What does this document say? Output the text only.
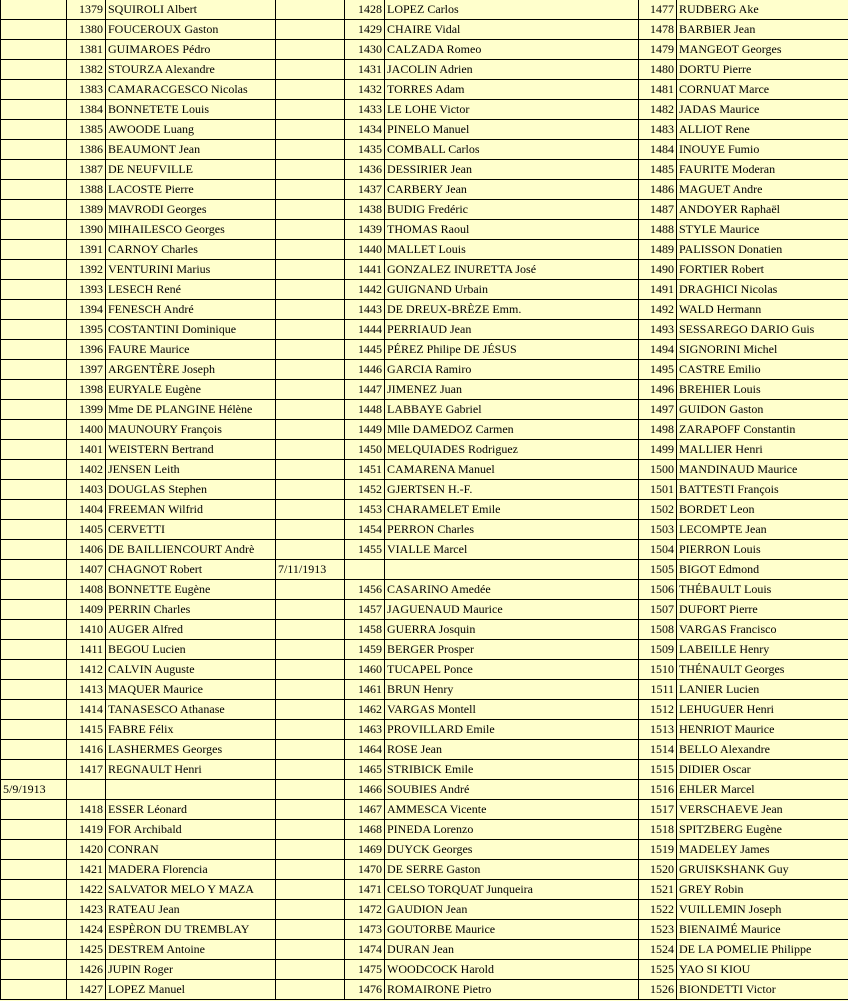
	1379	SQUIROLI Albert		1428	LOPEZ Carlos	1477	RUDBERG Ake
	1380	FOUCEROUX Gaston		1429	CHAIRE Vidal	1478	BARBIER Jean
	1381	GUIMAROES Pédro		1430	CALZADA Romeo	1479	MANGEOT Georges
	1382	STOURZA Alexandre		1431	JACOLIN Adrien	1480	DORTU Pierre
	1383	CAMARACGESCO Nicolas		1432	TORRES Adam	1481	CORNUAT Marce
	1384	BONNETETE Louis		1433	LE LOHE Victor	1482	JADAS Maurice
	1385	AWOODE Luang		1434	PINELO Manuel	1483	ALLIOT Rene
	1386	BEAUMONT Jean		1435	COMBALL Carlos	1484	INOUYE Fumio
	1387	DE NEUFVILLE		1436	DESSIRIER Jean	1485	FAURITE Moderan
	1388	LACOSTE Pierre		1437	CARBERY Jean	1486	MAGUET Andre
	1389	MAVRODI Georges		1438	BUDIG Fredéric	1487	ANDOYER Raphaël
	1390	MIHAILESCO Georges		1439	THOMAS Raoul	1488	STYLE Maurice
	1391	CARNOY Charles		1440	MALLET Louis	1489	PALISSON Donatien
	1392	VENTURINI Marius		1441	GONZALEZ INURETTA José	1490	FORTIER Robert
	1393	LESECH René		1442	GUIGNAND Urbain	1491	DRAGHICI Nicolas
	1394	FENESCH André		1443	DE DREUX-BRÈZE Emm.	1492	WALD Hermann
	1395	COSTANTINI Dominique		1444	PERRIAUD Jean	1493	SESSAREGO DARIO Guis
	1396	FAURE Maurice		1445	PÉREZ Philipe DE JÉSUS	1494	SIGNORINI Michel
	1397	ARGENTÈRE Joseph		1446	GARCIA Ramiro	1495	CASTRE Emilio
	1398	EURYALE Eugène		1447	JIMENEZ Juan	1496	BREHIER Louis
	1399	Mme DE PLANGINE Hélène		1448	LABBAYE Gabriel	1497	GUIDON Gaston
	1400	MAUNOURY François		1449	Mlle DAMEDOZ Carmen	1498	ZARAPOFF Constantin
	1401	WEISTERN Bertrand		1450	MELQUIADES Rodriguez	1499	MALLIER Henri
	1402	JENSEN Leith		1451	CAMARENA Manuel	1500	MANDINAUD Maurice
	1403	DOUGLAS Stephen		1452	GJERTSEN H.-F.	1501	BATTESTI François
	1404	FREEMAN Wilfrid		1453	CHARAMELET Emile	1502	BORDET Leon
	1405	CERVETTI		1454	PERRON Charles	1503	LECOMPTE Jean
	1406	DE BAILLIENCOURT Andrè		1455	VIALLE Marcel	1504	PIERRON Louis
	1407	CHAGNOT Robert	7/11/1913			1505	BIGOT Edmond
	1408	BONNETTE Eugène		1456	CASARINO Amedée	1506	THÉBAULT Louis
	1409	PERRIN Charles		1457	JAGUENAUD Maurice	1507	DUFORT Pierre
	1410	AUGER Alfred		1458	GUERRA Josquin	1508	VARGAS Francisco
	1411	BEGOU Lucien		1459	BERGER Prosper	1509	LABEILLE Henry
	1412	CALVIN Auguste		1460	TUCAPEL Ponce	1510	THÉNAULT Georges
	1413	MAQUER Maurice		1461	BRUN Henry	1511	LANIER Lucien
	1414	TANASESCO Athanase		1462	VARGAS Montell	1512	LEHUGUER Henri
	1415	FABRE Félix		1463	PROVILLARD Emile	1513	HENRIOT Maurice
	1416	LASHERMES Georges		1464	ROSE Jean	1514	BELLO Alexandre
	1417	REGNAULT Henri		1465	STRIBICK Emile	1515	DIDIER Oscar
5/9/1913				1466	SOUBIES André	1516	EHLER Marcel
	1418	ESSER Léonard		1467	AMMESCA Vicente	1517	VERSCHAEVE Jean
	1419	FOR Archibald		1468	PINEDA Lorenzo	1518	SPITZBERG Eugène
	1420	CONRAN		1469	DUYCK Georges	1519	MADELEY James
	1421	MADERA Florencia		1470	DE SERRE Gaston	1520	GRUISKSHANK Guy
	1422	SALVATOR MELO Y MAZA		1471	CELSO TORQUAT Junqueira	1521	GREY Robin
	1423	RATEAU Jean		1472	GAUDION Jean	1522	VUILLEMIN Joseph
	1424	ESPÈRON DU TREMBLAY		1473	GOUTORBE Maurice	1523	BIENAIMÉ Maurice
	1425	DESTREM Antoine		1474	DURAN Jean	1524	DE LA POMELIE Philippe
	1426	JUPIN Roger		1475	WOODCOCK Harold	1525	YAO SI KIOU
	1427	LOPEZ Manuel		1476	ROMAIRONE Pietro	1526	BIONDETTI Victor
